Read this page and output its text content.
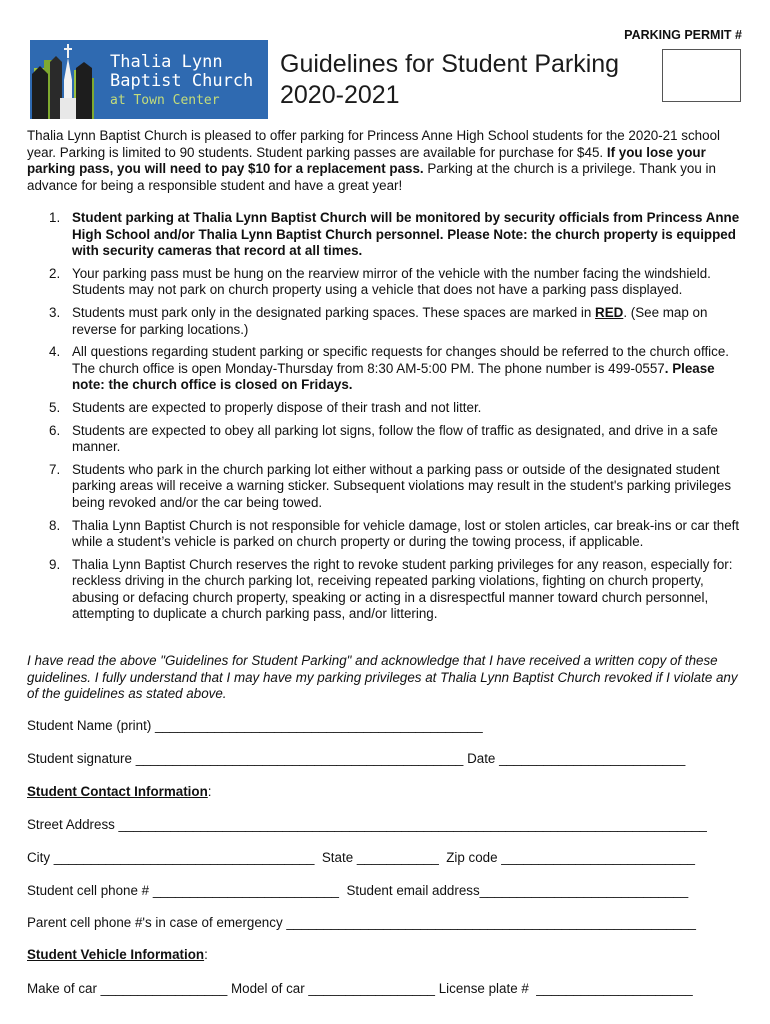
PARKING PERMIT #
Thalia Lynn
Baptist Church
at Town Center
Guidelines for Student Parking
2020-2021
Thalia Lynn Baptist Church is pleased to offer parking for Princess Anne High School students for the 2020-21 school year. Parking is limited to 90 students. Student parking passes are available for purchase for $45. If you lose your parking pass, you will need to pay $10 for a replacement pass. Parking at the church is a privilege. Thank you in advance for being a responsible student and have a great year!
1. Student parking at Thalia Lynn Baptist Church will be monitored by security officials from Princess Anne High School and/or Thalia Lynn Baptist Church personnel. Please Note: the church property is equipped with security cameras that record at all times.
2. Your parking pass must be hung on the rearview mirror of the vehicle with the number facing the windshield. Students may not park on church property using a vehicle that does not have a parking pass displayed.
3. Students must park only in the designated parking spaces. These spaces are marked in RED. (See map on reverse for parking locations.)
4. All questions regarding student parking or specific requests for changes should be referred to the church office. The church office is open Monday-Thursday from 8:30 AM-5:00 PM. The phone number is 499-0557. Please note: the church office is closed on Fridays.
5. Students are expected to properly dispose of their trash and not litter.
6. Students are expected to obey all parking lot signs, follow the flow of traffic as designated, and drive in a safe manner.
7. Students who park in the church parking lot either without a parking pass or outside of the designated student parking areas will receive a warning sticker. Subsequent violations may result in the student's parking privileges being revoked and/or the car being towed.
8. Thalia Lynn Baptist Church is not responsible for vehicle damage, lost or stolen articles, car break-ins or car theft while a student’s vehicle is parked on church property or during the towing process, if applicable.
9. Thalia Lynn Baptist Church reserves the right to revoke student parking privileges for any reason, especially for: reckless driving in the church parking lot, receiving repeated parking violations, fighting on church property, abusing or defacing church property, speaking or acting in a disrespectful manner toward church personnel, attempting to duplicate a church parking pass, and/or littering.
I have read the above "Guidelines for Student Parking" and acknowledge that I have received a written copy of these guidelines. I fully understand that I may have my parking privileges at Thalia Lynn Baptist Church revoked if I violate any of the guidelines as stated above.
Student Name (print) ____________________________________________
Student signature ____________________________________________ Date _________________________
Student Contact Information:
Street Address _______________________________________________________________________________
City ___________________________________  State ___________  Zip code __________________________
Student cell phone # _________________________  Student email address____________________________
Parent cell phone #'s in case of emergency _______________________________________________________
Student Vehicle Information:
Make of car _________________ Model of car _________________ License plate #  _____________________
